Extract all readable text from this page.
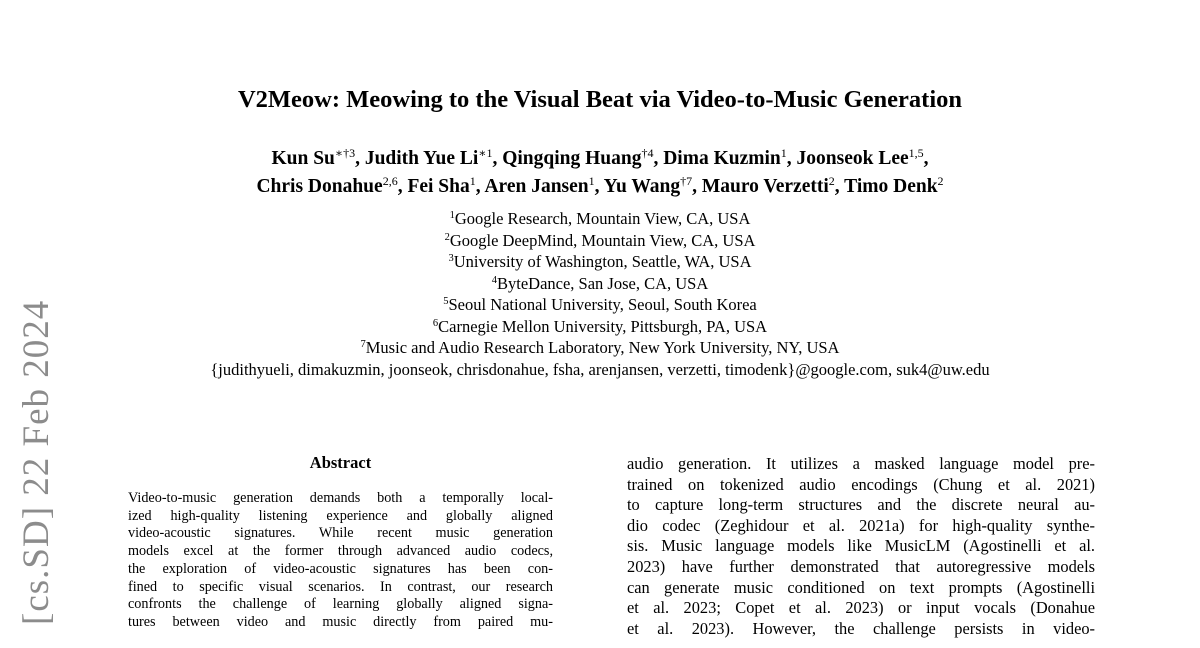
[cs.SD] 22 Feb 2024
V2Meow: Meowing to the Visual Beat via Video-to-Music Generation
Kun $Su^{∗\dagger 3}$, Judith Yue $Li^{∗1}$, Qingqing Huang$^{\dagger 4}$, Dima Kuzmin$^1$, Joonseok Lee$^{1,5}$,
Chris Donahue$^{2,6}$, Fei Sha$^1$, Aren Jansen$^1$, Yu Wang$^{\dagger 7}$, Mauro Verzetti$^2$, Timo Denk$^2$
$^1$Google Research, Mountain View, CA, USA
$^2$Google DeepMind, Mountain View, CA, USA
$^3$University of Washington, Seattle, WA, USA
$^4$ByteDance, San Jose, CA, USA
$^5$Seoul National University, Seoul, South Korea
$^6$Carnegie Mellon University, Pittsburgh, PA, USA
$^7$Music and Audio Research Laboratory, New York University, NY, USA
{judithyueli, dimakuzmin, joonseok, chrisdonahue, fsha, arenjansen, verzetti, timodenk}@google.com, suk4@uw.edu
Abstract
Video-to-music generation demands both a temporally local-
ized high-quality listening experience and globally aligned
video-acoustic signatures. While recent music generation
models excel at the former through advanced audio codecs,
the exploration of video-acoustic signatures has been con-
fined to specific visual scenarios. In contrast, our research
confronts the challenge of learning globally aligned signa-
tures between video and music directly from paired mu-
audio generation. It utilizes a masked language model pre-
trained on tokenized audio encodings (Chung et al. 2021)
to capture long-term structures and the discrete neural au-
dio codec (Zeghidour et al. 2021a) for high-quality synthe-
sis. Music language models like MusicLM (Agostinelli et al.
2023) have further demonstrated that autoregressive models
can generate music conditioned on text prompts (Agostinelli
et al. 2023; Copet et al. 2023) or input vocals (Donahue
et al. 2023). However, the challenge persists in video-
